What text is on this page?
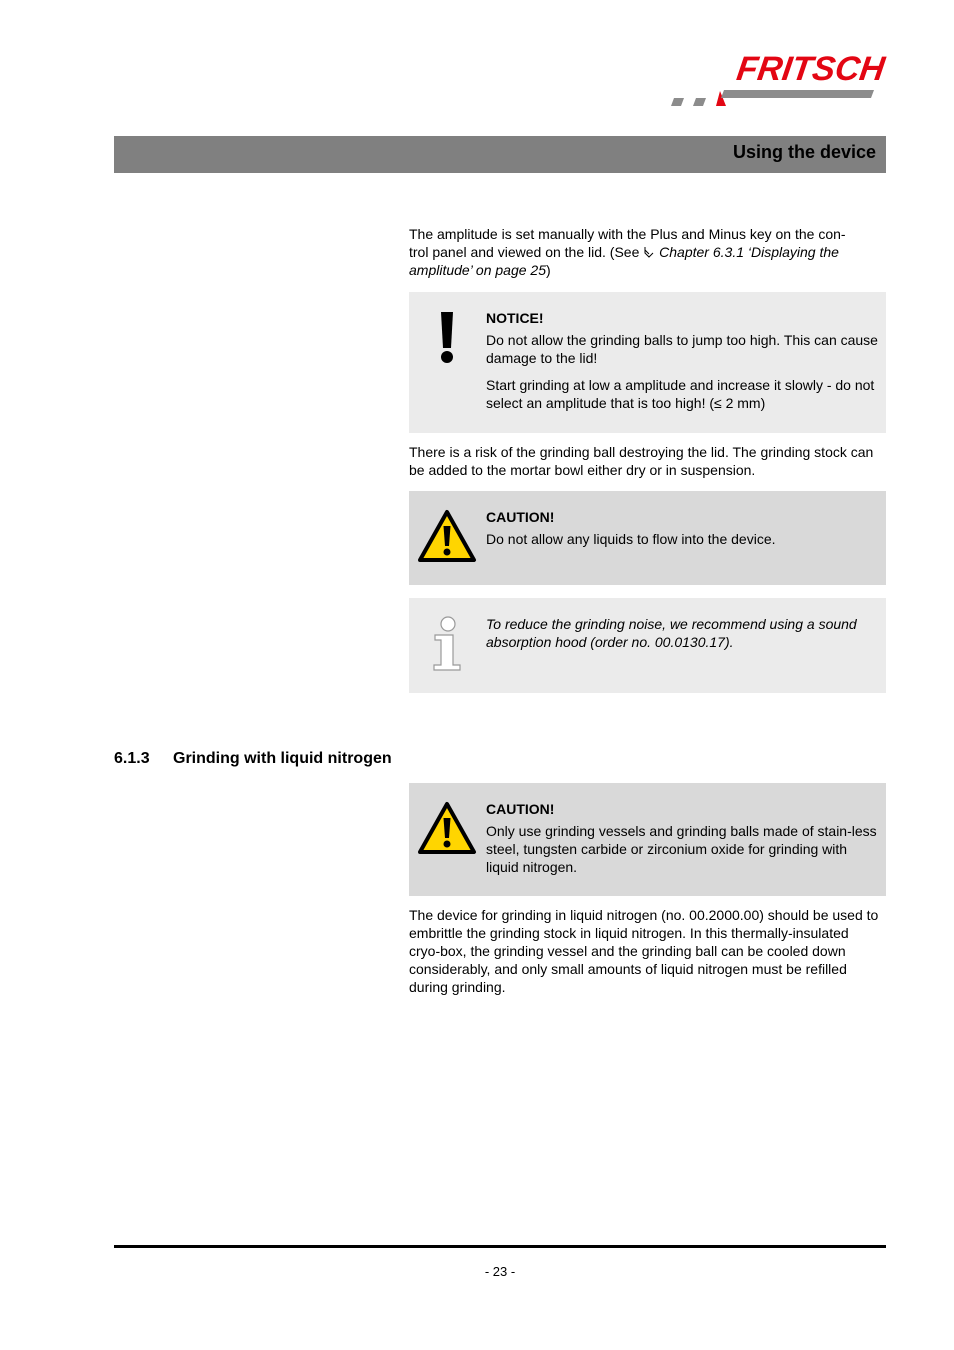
FRITSCH
Using the device
The amplitude is set manually with the Plus and Minus key on the con-
trol panel and viewed on the lid. (See  Chapter 6.3.1 ‘Displaying the
amplitude’ on page 25)
NOTICE!
Do not allow the grinding balls to jump too high. This can cause damage to the lid!
Start grinding at low a amplitude and increase it slowly - do not select an amplitude that is too high! (≤ 2 mm)
There is a risk of the grinding ball destroying the lid. The grinding stock can be added to the mortar bowl either dry or in suspension.
CAUTION!
Do not allow any liquids to flow into the device.
To reduce the grinding noise, we recommend using a sound absorption hood (order no. 00.0130.17).
6.1.3 Grinding with liquid nitrogen
CAUTION!
Only use grinding vessels and grinding balls made of stain-less steel, tungsten carbide or zirconium oxide for grinding with liquid nitrogen.
The device for grinding in liquid nitrogen (no. 00.2000.00) should be used to embrittle the grinding stock in liquid nitrogen. In this thermally-insulated cryo-box, the grinding vessel and the grinding ball can be cooled down considerably, and only small amounts of liquid nitrogen must be refilled during grinding.
- 23 -
